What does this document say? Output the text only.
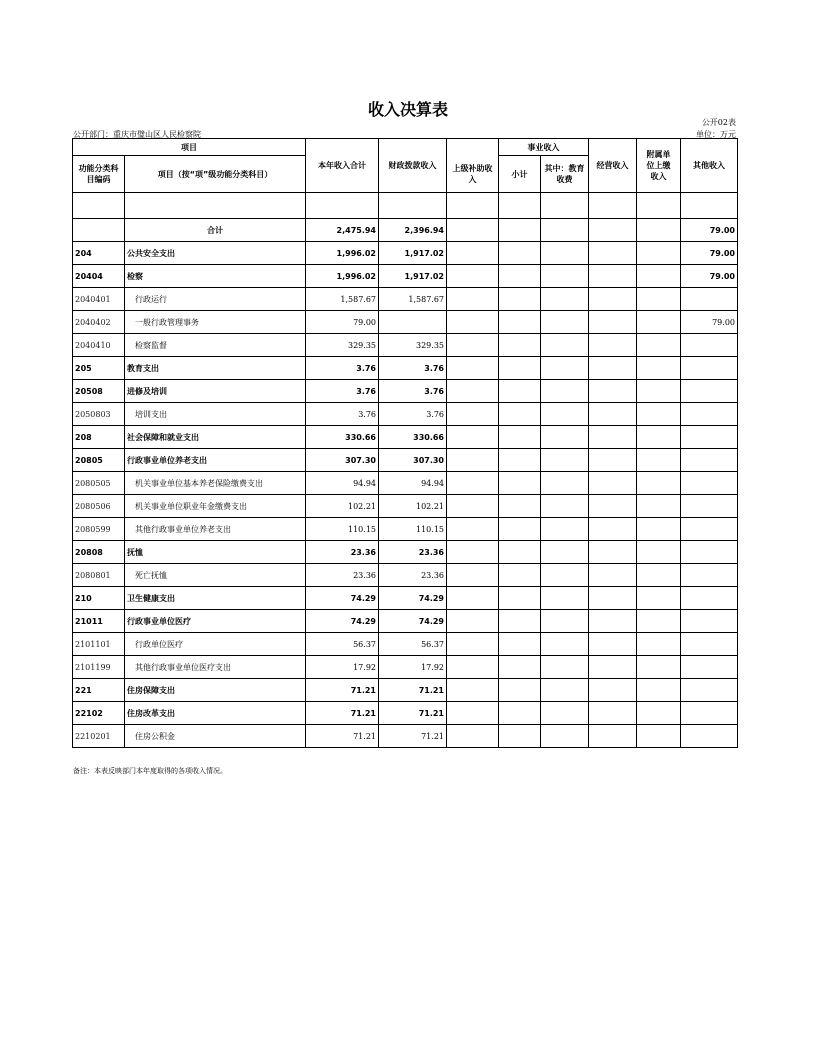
收入决算表
公开02表
公开部门：重庆市璧山区人民检察院	单位：万元
项目		本年收入合计	财政拨款收入	上级补助收入	事业收入		经营收入	附属单位上缴收入	其他收入
功能分类科目编码	项目（按“项”级功能分类科目）								
					小计	其中：教育收费			

	合计	2,475.94	2,396.94						79.00
204	公共安全支出	1,996.02	1,917.02						79.00
20404	检察	1,996.02	1,917.02						79.00
2040401	行政运行	1,587.67	1,587.67						
2040402	一般行政管理事务	79.00							79.00
2040410	检察监督	329.35	329.35						
205	教育支出	3.76	3.76						
20508	进修及培训	3.76	3.76						
2050803	培训支出	3.76	3.76						
208	社会保障和就业支出	330.66	330.66						
20805	行政事业单位养老支出	307.30	307.30						
2080505	机关事业单位基本养老保险缴费支出	94.94	94.94						
2080506	机关事业单位职业年金缴费支出	102.21	102.21						
2080599	其他行政事业单位养老支出	110.15	110.15						
20808	抚恤	23.36	23.36						
2080801	死亡抚恤	23.36	23.36						
210	卫生健康支出	74.29	74.29						
21011	行政事业单位医疗	74.29	74.29						
2101101	行政单位医疗	56.37	56.37						
2101199	其他行政事业单位医疗支出	17.92	17.92						
221	住房保障支出	71.21	71.21						
22102	住房改革支出	71.21	71.21						
2210201	住房公积金	71.21	71.21						
备注：本表反映部门本年度取得的各项收入情况。
